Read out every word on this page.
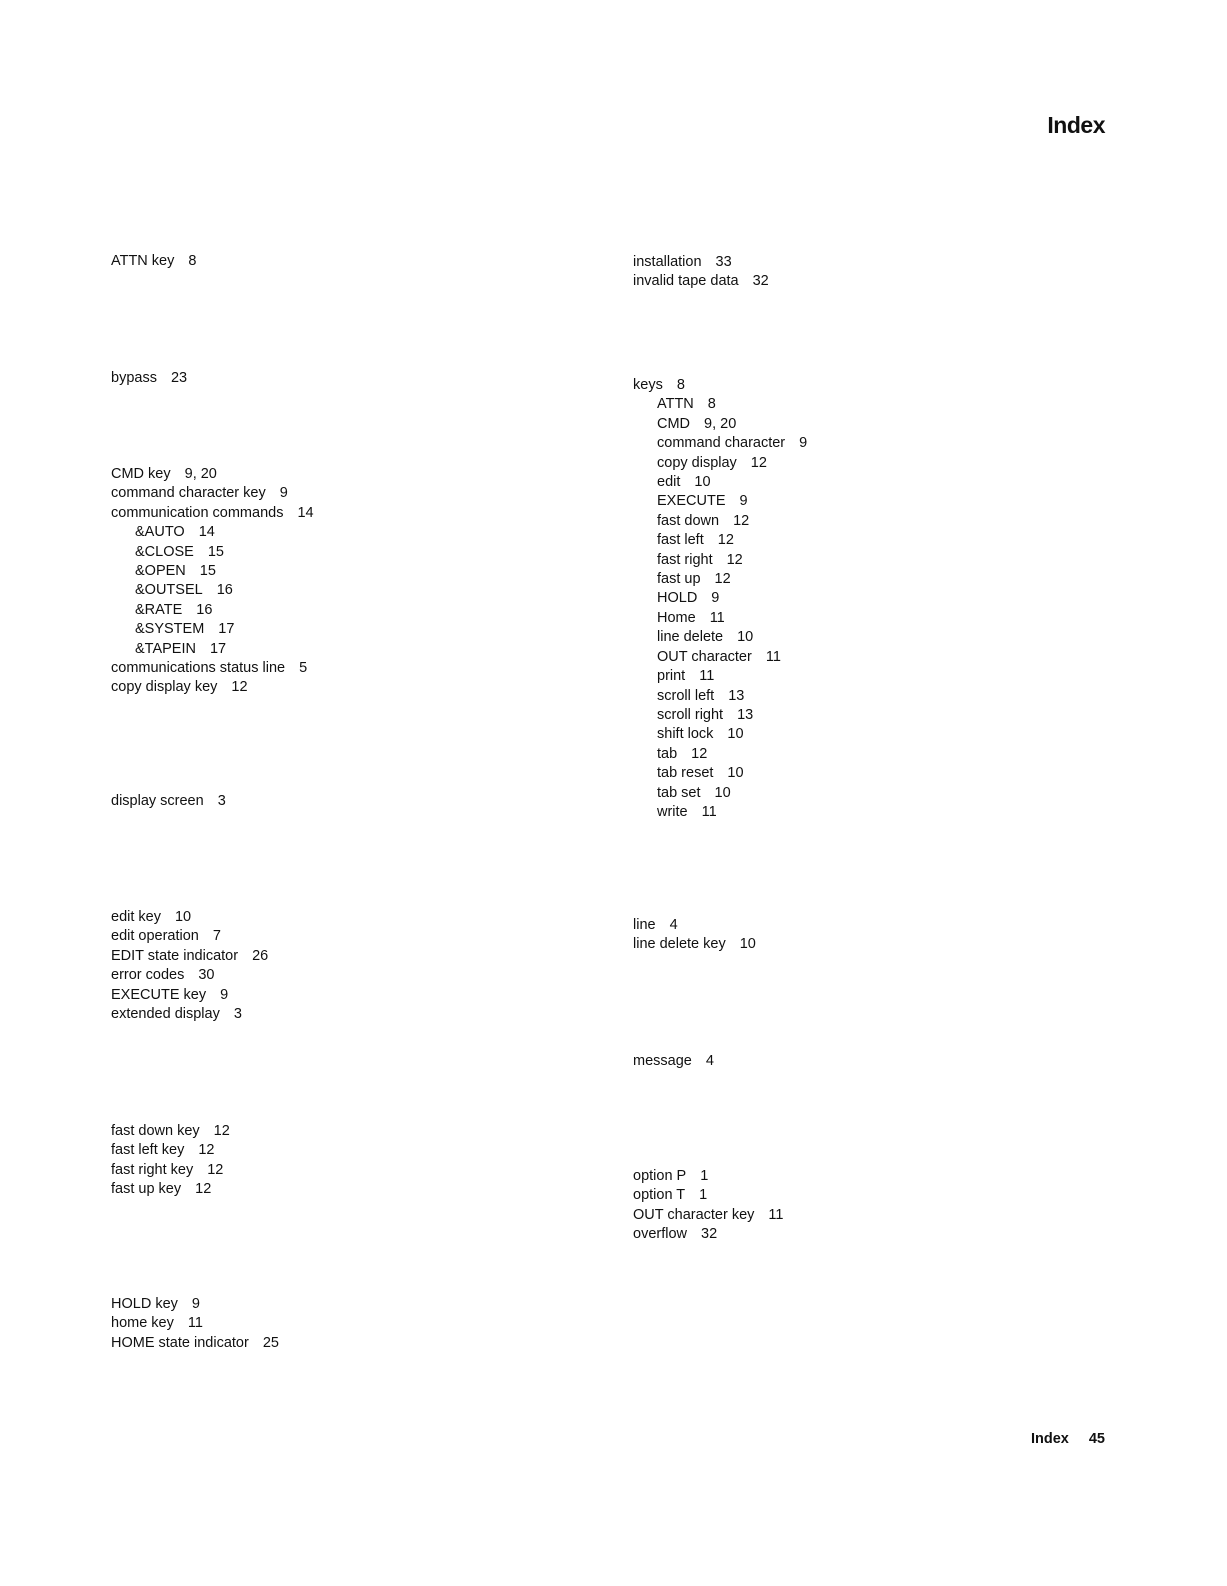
Index
ATTN key 8
bypass 23
CMD key 9, 20
command character key 9
communication commands 14
&AUTO 14
&CLOSE 15
&OPEN 15
&OUTSEL 16
&RATE 16
&SYSTEM 17
&TAPEIN 17
communications status line 5
copy display key 12
display screen 3
edit key 10
edit operation 7
EDIT state indicator 26
error codes 30
EXECUTE key 9
extended display 3
fast down key 12
fast left key 12
fast right key 12
fast up key 12
HOLD key 9
home key 11
HOME state indicator 25
installation 33
invalid tape data 32
keys 8
ATTN 8
CMD 9, 20
command character 9
copy display 12
edit 10
EXECUTE 9
fast down 12
fast left 12
fast right 12
fast up 12
HOLD 9
Home 11
line delete 10
OUT character 11
print 11
scroll left 13
scroll right 13
shift lock 10
tab 12
tab reset 10
tab set 10
write 11
line 4
line delete key 10
message 4
option P 1
option T 1
OUT character key 11
overflow 32
Index 45
